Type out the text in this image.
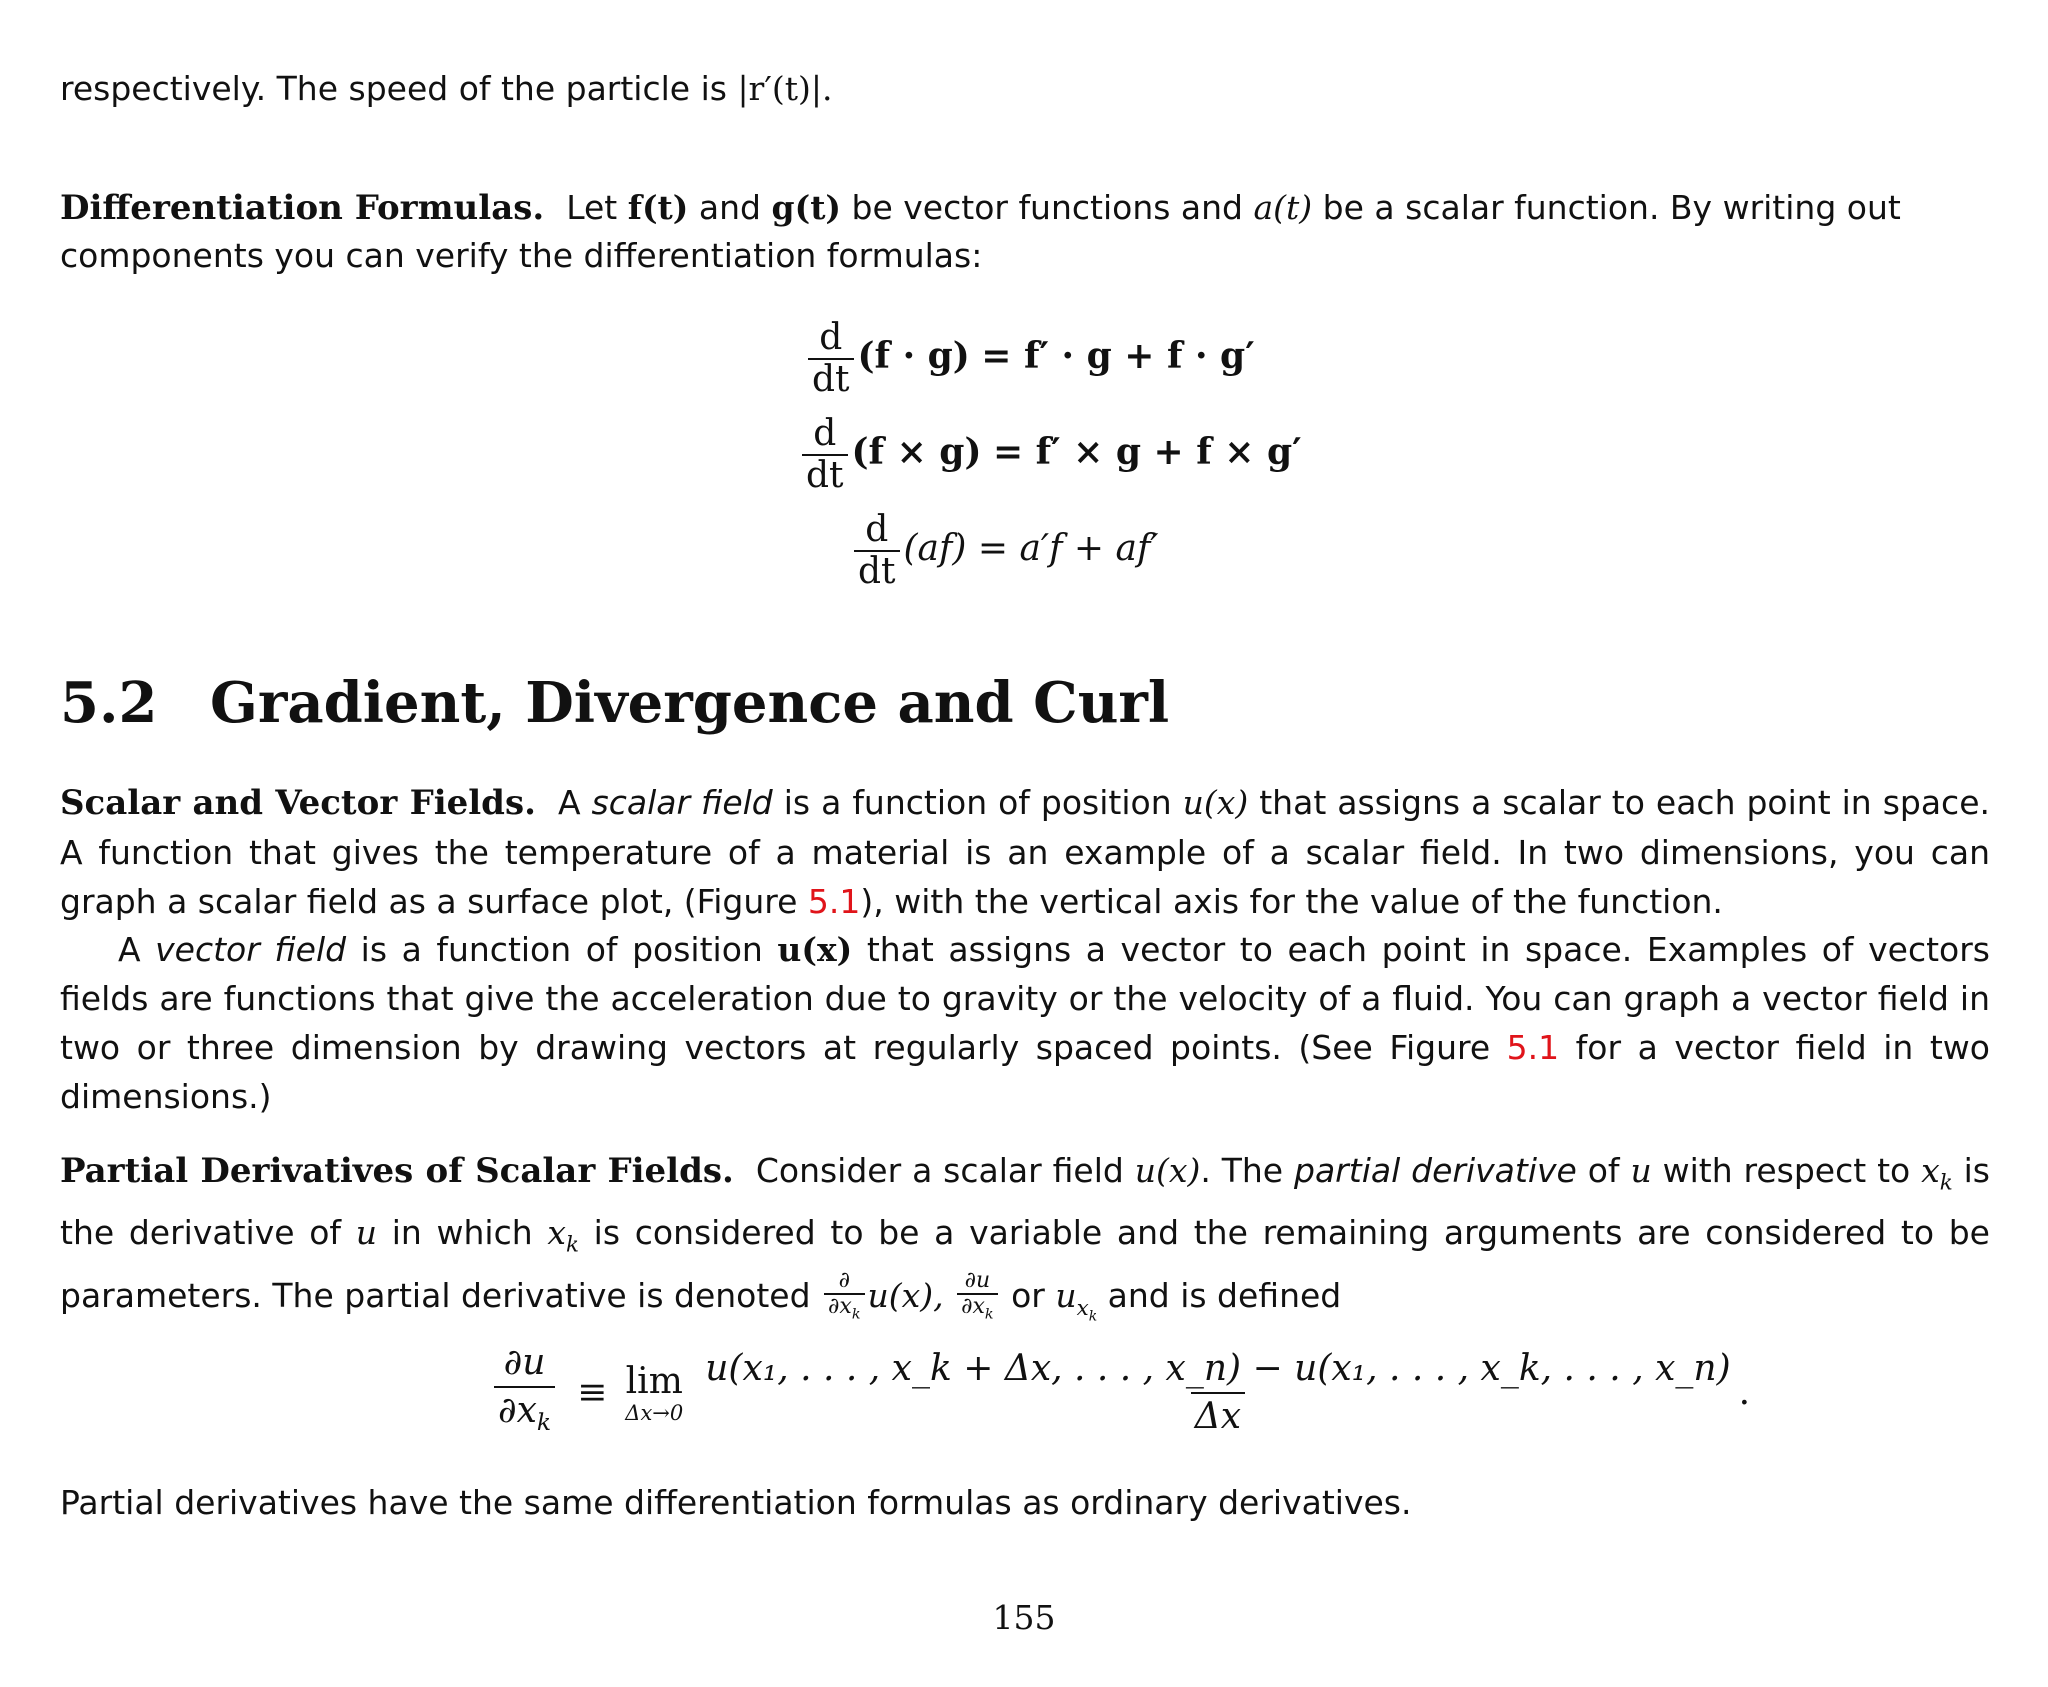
respectively. The speed of the particle is |r′(t)|.
Differentiation Formulas. Let f(t) and g(t) be vector functions and a(t) be a scalar function. By writing out
components you can verify the differentiation formulas:
$\frac{d}{dt} (f \cdot g) = f' \cdot g + f \cdot g'$
$\frac{d}{dt} (f \times g) = f' \times g + f \times g'$
$\frac{d}{dt} (af) = a'f + af'$
5.2 Gradient, Divergence and Curl
Scalar and Vector Fields. A scalar field is a function of position u(x) that assigns a scalar to each point in space. A function that gives the temperature of a material is an example of a scalar field. In two dimensions, you can graph a scalar field as a surface plot, (Figure 5.1), with the vertical axis for the value of the function.
A vector field is a function of position u(x) that assigns a vector to each point in space. Examples of vectors fields are functions that give the acceleration due to gravity or the velocity of a fluid. You can graph a vector field in two or three dimension by drawing vectors at regularly spaced points. (See Figure 5.1 for a vector field in two dimensions.)
Partial Derivatives of Scalar Fields. Consider a scalar field u(x). The partial derivative of u with respect to $x_k$ is the derivative of u in which $x_k$ is considered to be a variable and the remaining arguments are considered to be parameters. The partial derivative is denoted $\frac{\partial}{\partial x_k} u(x)$, $\frac{\partial u}{\partial x_k}$ or $u_{x_k}$ and is defined
$\frac{\partial u}{\partial x_k} \equiv \lim$
Δx→0
u(x₁, . . . , x_k + Δx, . . . , x_n) − u(x₁, . . . , x_k, . . . , x_n)
Δx
.
Partial derivatives have the same differentiation formulas as ordinary derivatives.
155
